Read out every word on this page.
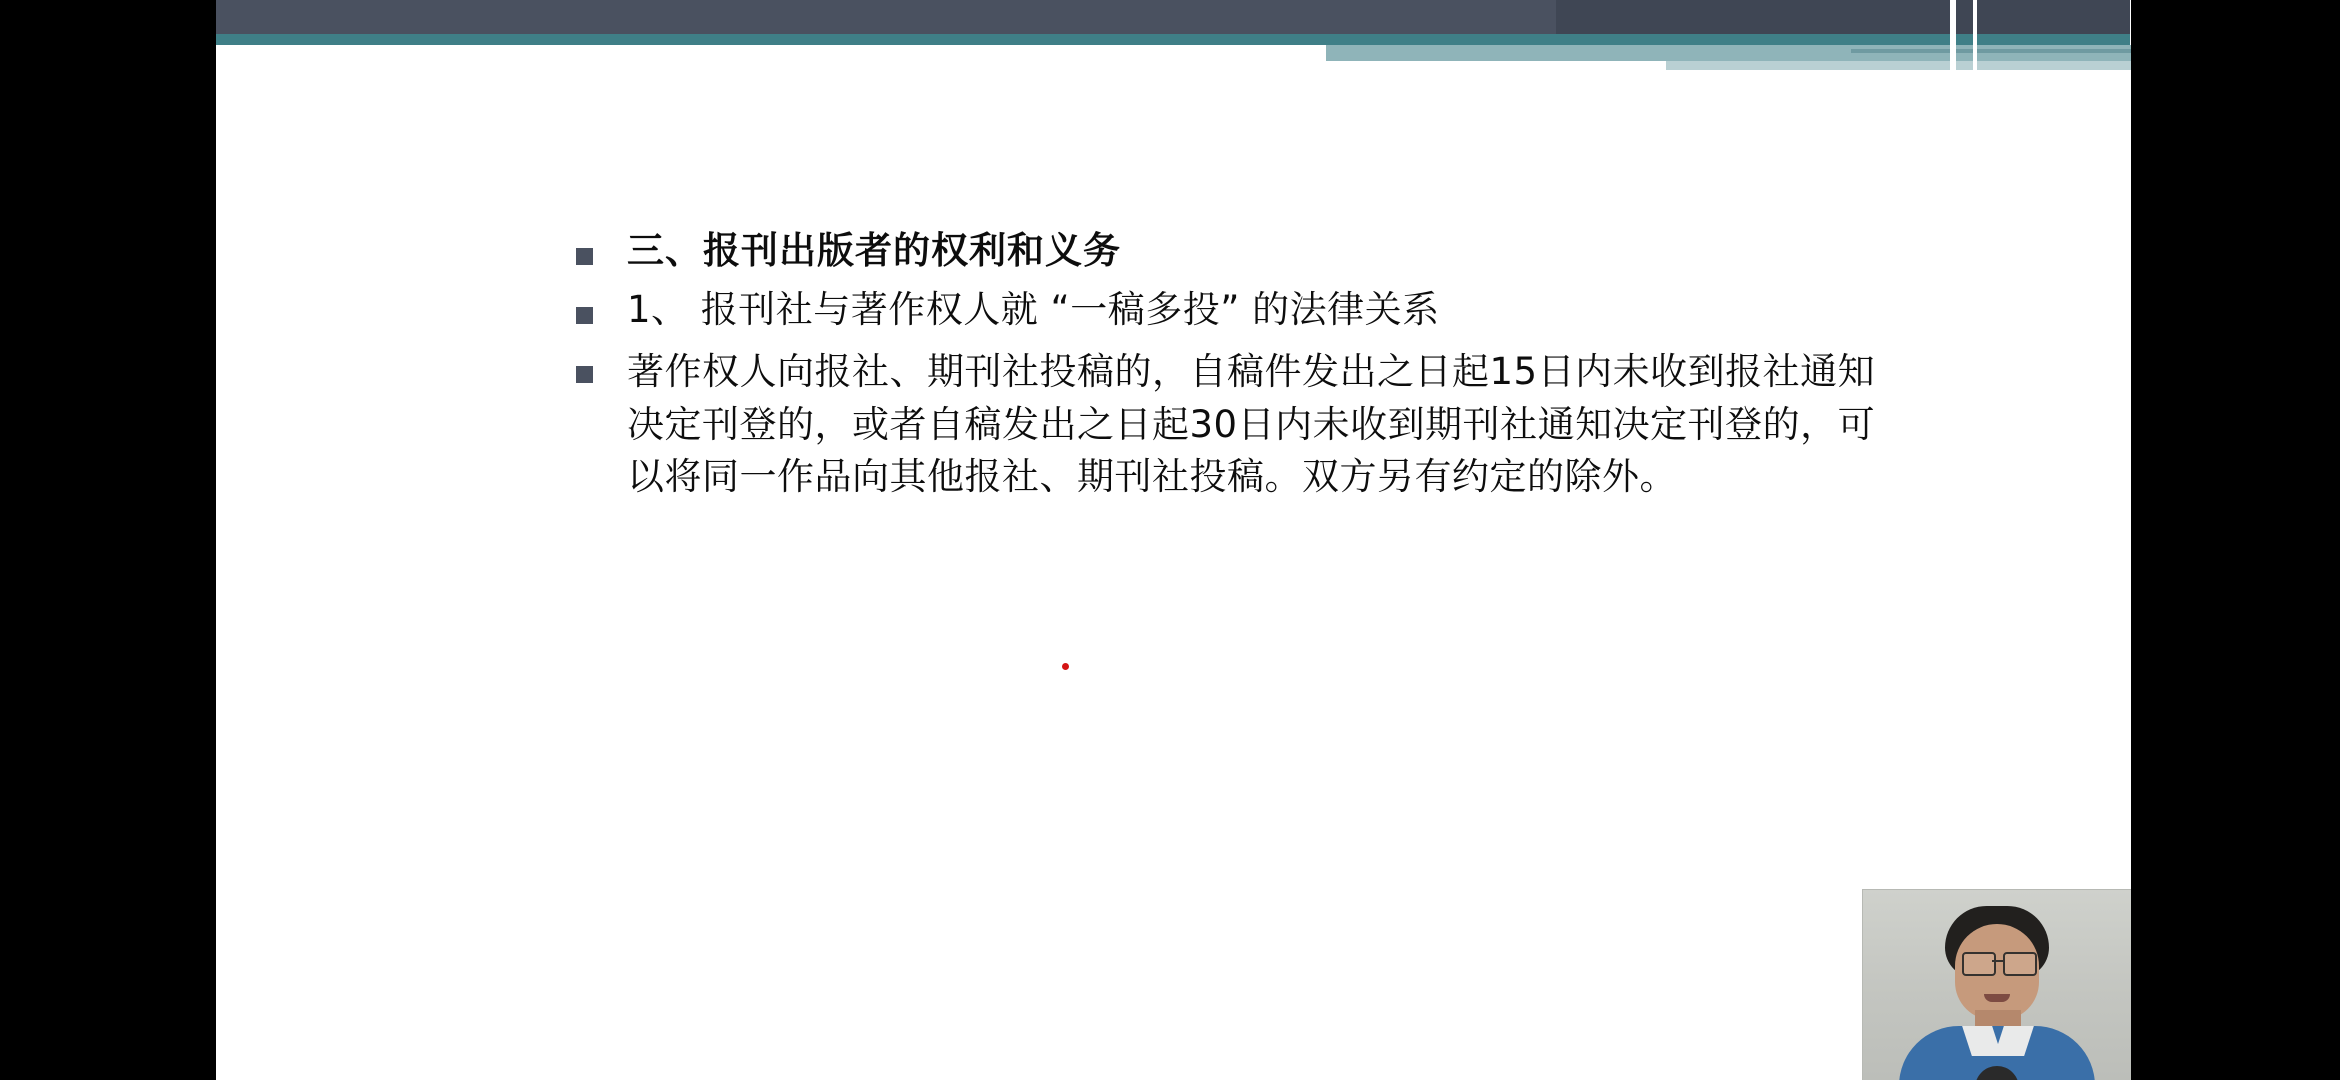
三、报刊出版者的权利和义务
1、 报刊社与著作权人就 “一稿多投” 的法律关系
著作权人向报社、期刊社投稿的，自稿件发出之日起15日内未收到报社通知决定刊登的，或者自稿发出之日起30日内未收到期刊社通知决定刊登的，可以将同一作品向其他报社、期刊社投稿。双方另有约定的除外。
